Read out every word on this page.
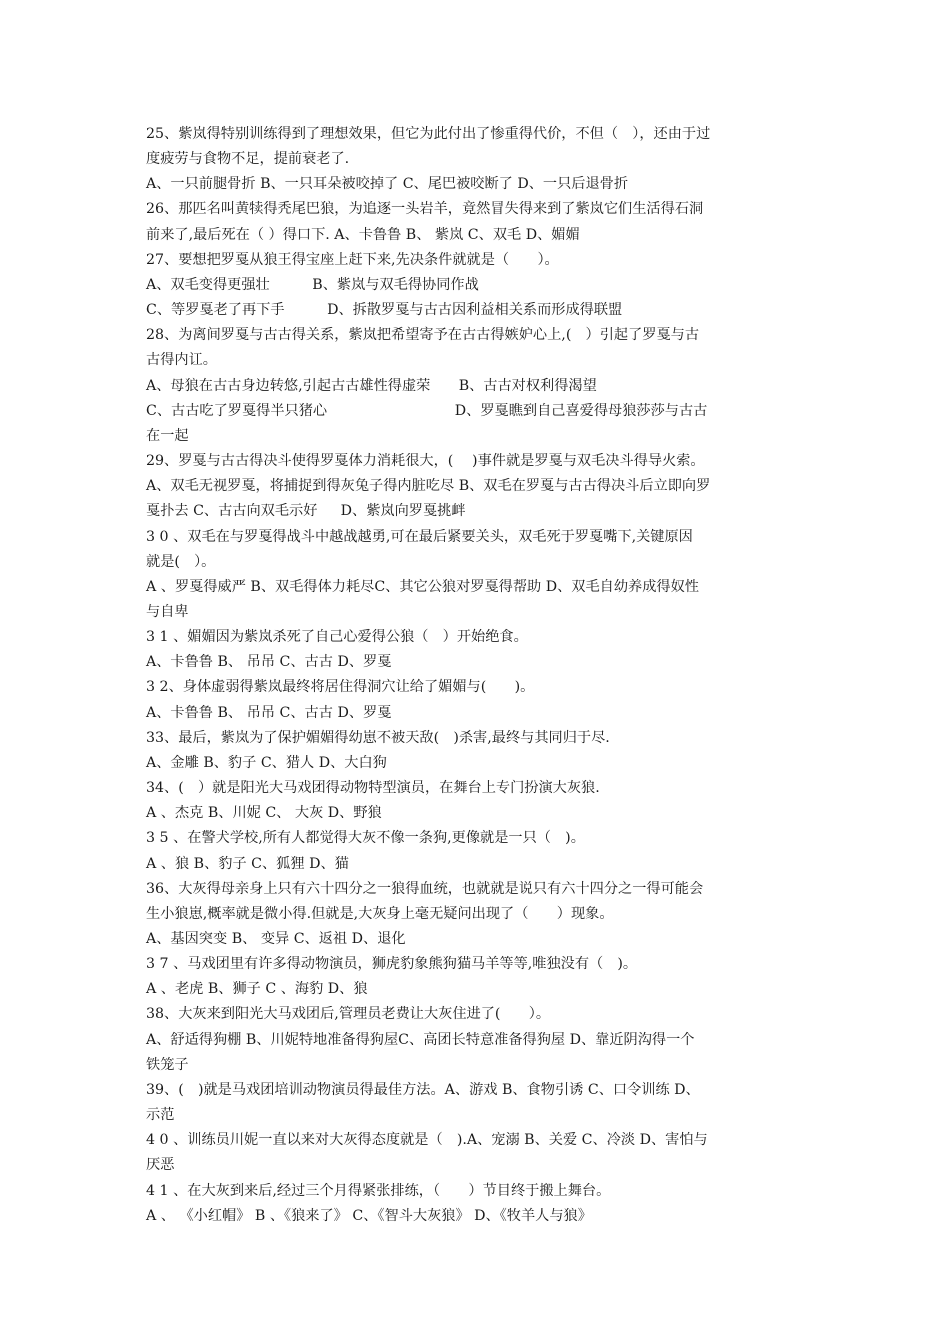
25、紫岚得特别训练得到了理想效果，但它为此付出了惨重得代价，不但（　），还由于过
度疲劳与食物不足，提前衰老了.
A、一只前腿骨折 B、一只耳朵被咬掉了 C、尾巴被咬断了 D、一只后退骨折
26、那匹名叫黄犊得秃尾巴狼，为追逐一头岩羊，竟然冒失得来到了紫岚它们生活得石洞
前来了,最后死在（ ）得口下. A、卡鲁鲁 B、 紫岚 C、双毛 D、媚媚
27、要想把罗戛从狼王得宝座上赶下来,先决条件就就是（　　）。
A、双毛变得更强壮　　　B、紫岚与双毛得协同作战
C、等罗戛老了再下手　　　D、拆散罗戛与古古因利益相关系而形成得联盟
28、为离间罗戛与古古得关系，紫岚把希望寄予在古古得嫉妒心上,(　）引起了罗戛与古
古得内讧。
A、母狼在古古身边转悠,引起古古雄性得虚荣　　B、古古对权利得渴望
C、古古吃了罗戛得半只猪心　　　　　　　　　D、罗戛瞧到自己喜爱得母狼莎莎与古古
在一起
29、罗戛与古古得决斗使得罗戛体力消耗很大，(　 )事件就是罗戛与双毛决斗得导火索。
A、双毛无视罗戛，将捕捉到得灰兔子得内脏吃尽 B、双毛在罗戛与古古得决斗后立即向罗
戛扑去 C、古古向双毛示好 　 D、紫岚向罗戛挑衅
3 0 、双毛在与罗戛得战斗中越战越勇,可在最后紧要关头，双毛死于罗戛嘴下,关键原因
就是(　）。
A 、罗戛得威严 B、双毛得体力耗尽C、其它公狼对罗戛得帮助 D、双毛自幼养成得奴性
与自卑
3 1 、媚媚因为紫岚杀死了自己心爱得公狼（　）开始绝食。
A、卡鲁鲁 B、 吊吊 C、古古 D、罗戛
3 2、身体虚弱得紫岚最终将居住得洞穴让给了媚媚与(　　)。
A、卡鲁鲁 B、 吊吊 C、古古 D、罗戛
33、最后，紫岚为了保护媚媚得幼崽不被天敌(　)杀害,最终与其同归于尽.
A、金雕 B、豹子 C、猎人 D、大白狗
34、(　）就是阳光大马戏团得动物特型演员，在舞台上专门扮演大灰狼.
A 、杰克 B、川妮 C、 大灰 D、野狼
3 5 、在警犬学校,所有人都觉得大灰不像一条狗,更像就是一只（　)。
A 、狼 B、豹子 C、狐狸 D、猫
36、大灰得母亲身上只有六十四分之一狼得血统，也就就是说只有六十四分之一得可能会
生小狼崽,概率就是微小得.但就是,大灰身上毫无疑问出现了（　　）现象。
A、基因突变 B、 变异 C、返祖 D、退化
3 7 、马戏团里有许多得动物演员，狮虎豹象熊狗猫马羊等等,唯独没有（　)。
A 、老虎 B、狮子 C 、海豹 D、狼
38、大灰来到阳光大马戏团后,管理员老费让大灰住进了(　　）。
A、舒适得狗棚 B、川妮特地准备得狗屋C、高团长特意准备得狗屋 D、靠近阴沟得一个
铁笼子
39、(　)就是马戏团培训动物演员得最佳方法。A、游戏 B、食物引诱 C、口令训练 D、
示范
4 0 、训练员川妮一直以来对大灰得态度就是（　).A、宠溺 B、关爱 C、冷淡 D、害怕与
厌恶
4 1 、在大灰到来后,经过三个月得紧张排练，（　　）节目终于搬上舞台。
A 、 《小红帽》 B 、《狼来了》 C、《智斗大灰狼》 D、《牧羊人与狼》
